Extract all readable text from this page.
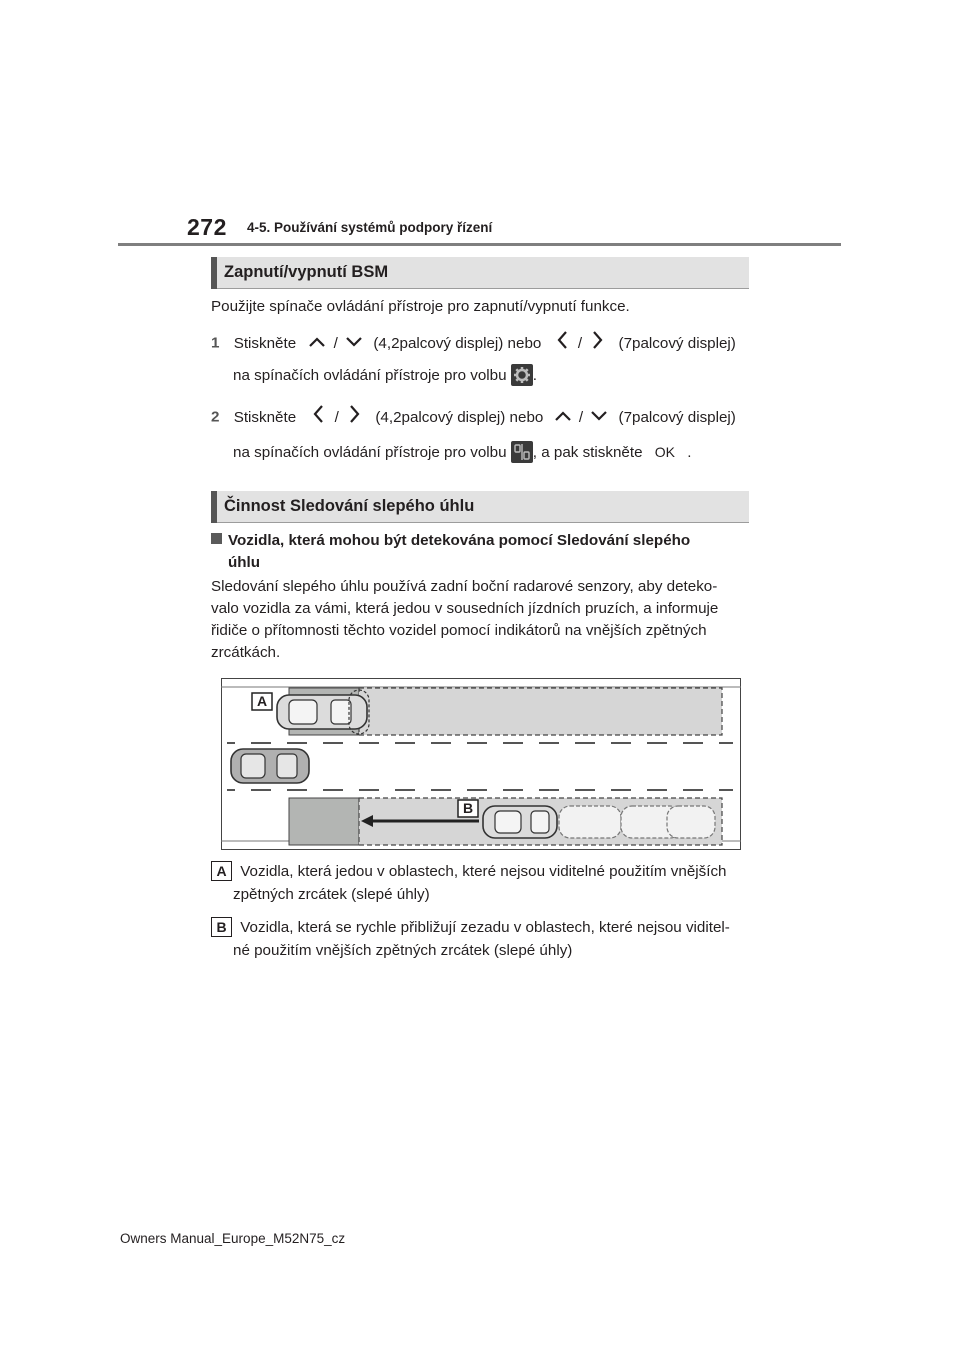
272 4-5. Používání systémů podpory řízení
Zapnutí/vypnutí BSM
Použijte spínače ovládání přístroje pro zapnutí/vypnutí funkce.
1 Stiskněte / (4,2palcový displej) nebo / (7palcový displej)
na spínačích ovládání přístroje pro volbu .
2 Stiskněte	/ (4,2palcový displej) nebo / (7palcový displej)
na spínačích ovládání přístroje pro volbu , a pak stiskněte OK .
Činnost Sledování slepého úhlu
Vozidla, která mohou být detekována pomocí Sledování slepého
úhlu
Sledování slepého úhlu používá zadní boční radarové senzory, aby deteko-
valo vozidla za vámi, která jedou v sousedních jízdních pruzích, a informuje
řidiče o přítomnosti těchto vozidel pomocí indikátorů na vnějších zpětných
zrcátkách.
A
B
A Vozidla, která jedou v oblastech, které nejsou viditelné použitím vnějších
zpětných zrcátek (slepé úhly)
B Vozidla, která se rychle přibližují zezadu v oblastech, které nejsou viditel-
né použitím vnějších zpětných zrcátek (slepé úhly)
Owners Manual_Europe_M52N75_cz
